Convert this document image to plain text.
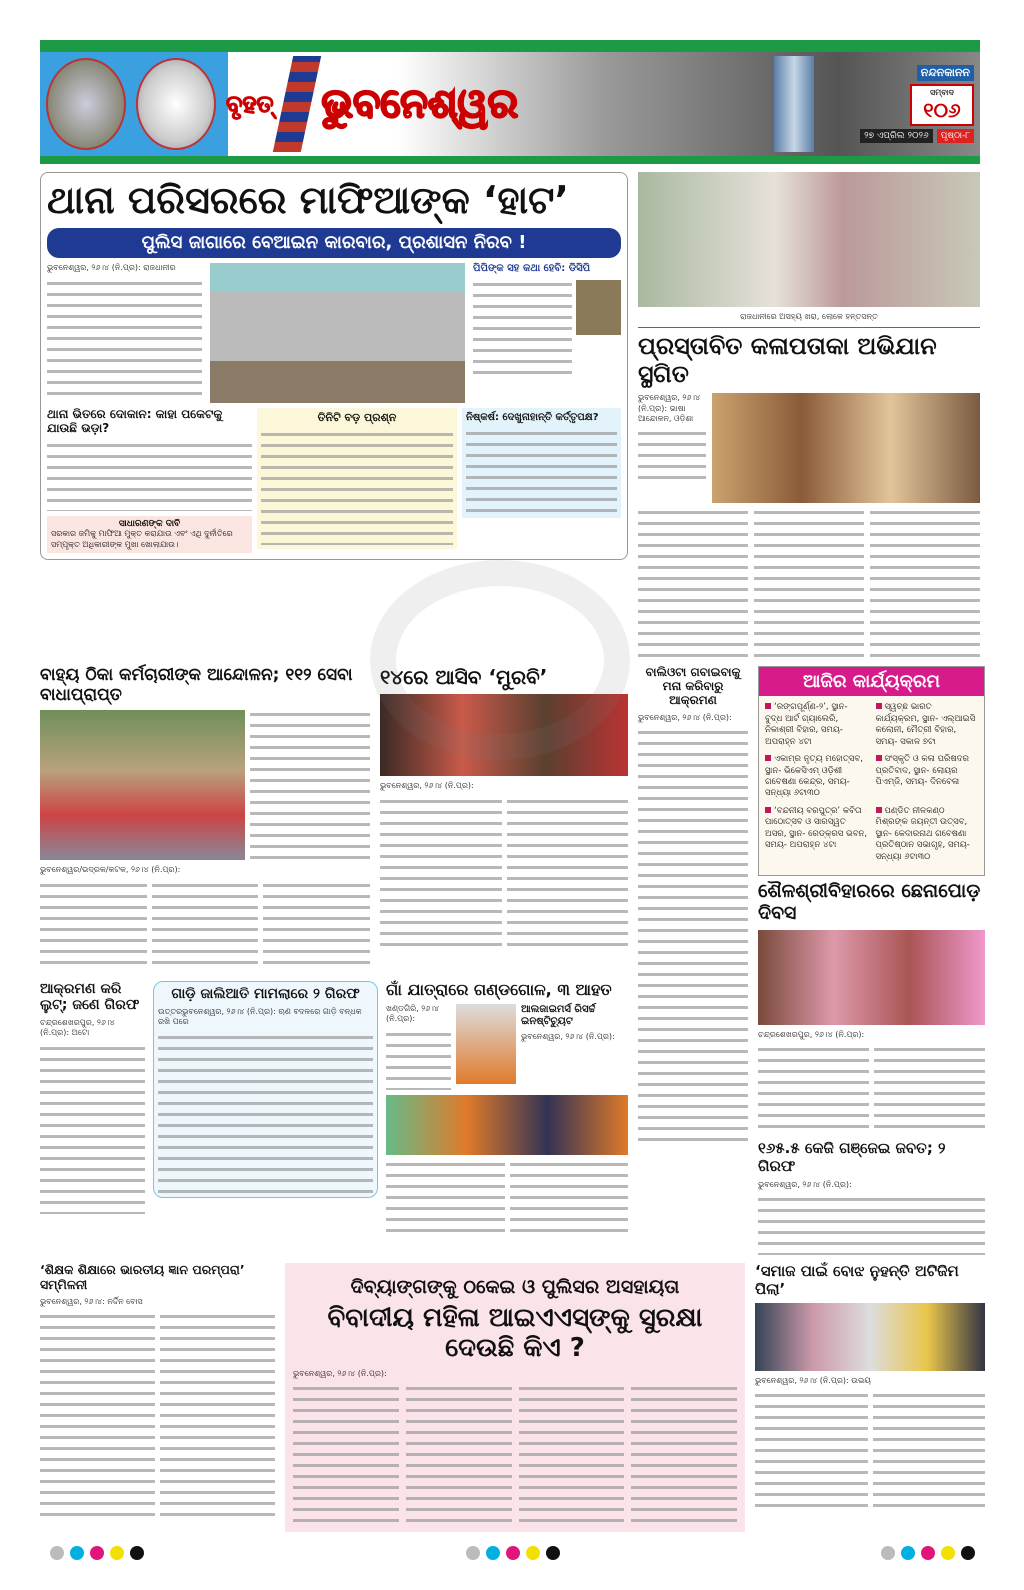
ବୃହତ୍ ଭୁବନେଶ୍ୱର
ନନ୍ଦନକାନନ
ସମ୍ବାଦ
୧୦୬
୨୭ ଏପ୍ରିଲ ୨୦୨୬	ପୃଷ୍ଠା-୮
ଥାନା ପରିସରରେ ମାଫିଆଙ୍କ ‘ହାଟ’
ପୁଲିସ ଜାଗାରେ ବେଆଇନ କାରବାର, ପ୍ରଶାସନ ନିରବ !
ଭୁବନେଶ୍ୱର, ୨୬।୪ (ନି.ପ୍ର): ରାଜଧାନୀର	ପିପିଙ୍କ ସହ କଥା ହେବି: ଡିସିପି
ଥାନା ଭିତରେ ଦୋକାନ: କାହା ପକେଟକୁ ଯାଉଛି ଭଡ଼ା?
ସାଧାରଣଙ୍କ ଦାବି
ସରକାର ଜମିକୁ ମାଫିଆ ମୁକ୍ତ କରାଯାଉ ଏବଂ ଏଥି ଦୁର୍ନୀତିରେ ସମ୍ପୃକ୍ତ ଅଧିକାରୀଙ୍କ ମୁଖା ଖୋଲାଯାଉ।
ତିନିଟି ବଡ଼ ପ୍ରଶ୍ନ	ନିଷ୍କର୍ଷ: ଦେଖୁନାହାନ୍ତି କର୍ତ୍ତୃପକ୍ଷ?
ରାଜଧାନୀରେ ଅସହ୍ୟ ଖରା, ଲୋକେ ହନ୍ତସନ୍ତ
ପ୍ରସ୍ତାବିତ କଳାପତାକା ଅଭିଯାନ ସ୍ଥଗିତ
ଭୁବନେଶ୍ୱର, ୨୬।୪ (ନି.ପ୍ର): ଭାଷା ଆନ୍ଦୋଳନ, ଓଡ଼ିଶା
ବାହ୍ୟ ଠିକା କର୍ମଚାରୀଙ୍କ ଆନ୍ଦୋଳନ; ୧୧୨ ସେବା ବାଧାପ୍ରାପ୍ତ
ଭୁବନେଶ୍ୱର/ଭଦ୍ରକ/କଟକ, ୨୬।୪ (ନି.ପ୍ର):
୧୪ରେ ଆସିବ ‘ମୁରବି’
ଭୁବନେଶ୍ୱର, ୨୬।୪ (ନି.ପ୍ର):
ଆକ୍ରମଣ କରି ଲୁଟ୍; ଜଣେ ଗିରଫ
ଚନ୍ଦ୍ରଶେଖରପୁର, ୨୬।୪ (ନି.ପ୍ର): ଅଟୋ
ଗାଡ଼ି ଜାଲିଆତି ମାମଲାରେ ୨ ଗିରଫ
ଉତ୍ତରଭୁବନେଶ୍ୱର, ୨୬।୪ (ନି.ପ୍ର): ଋଣ ବଦଳରେ ଗାଡ଼ି ବନ୍ଧକ ରଖି ପରେ
ଗାଁ ଯାତ୍ରାରେ ଗଣ୍ଡଗୋଳ, ୩ ଆହତ
ଖଣ୍ଡଗିରି, ୨୬।୪ (ନି.ପ୍ର):
ଆଲଜାଇମର୍ସ ରିସର୍ଚ୍ଚ ଇନଷ୍ଟିଚ୍ୟୁଟ
ଭୁବନେଶ୍ୱର, ୨୬।୪ (ନି.ପ୍ର):
ବାଲିଓଟା ଗବାଇବାକୁ ମନା କରିବାରୁ ଆକ୍ରମଣ
ଭୁବନେଶ୍ୱର, ୨୬।୪ (ନି.ପ୍ର):
ଆଜିର କାର୍ଯ୍ୟକ୍ରମ
‘ରଙ୍ଗପୂର୍ଣ୍ଣ-୨’, ସ୍ଥାନ- ବୁଦ୍ଧ ଆର୍ଟ ଗ୍ୟାଲେରି, ନିକାଶ୍ରୀ ବିହାର, ସମୟ- ଅପରାହ୍ନ ୪ଟା
ସ୍ୱଚ୍ଛ ଭାରତ କାର୍ଯ୍ୟକ୍ରମ, ସ୍ଥାନ- ଏଲ୍ଆଇସି କଲୋନୀ, ମୈତ୍ରୀ ବିହାର, ସମୟ- ସକାଳ ୭ଟା
ଏକାମ୍ର ନୃତ୍ୟ ମହୋତ୍ସବ, ସ୍ଥାନ- ଭିକେସିଏମ୍ ଓଡ଼ିଶୀ ଗବେଷଣା କେନ୍ଦ୍ର, ସମୟ- ସନ୍ଧ୍ୟା ୬ଟା୩୦
ସଂସ୍କୃତି ଓ କଳା ପରିଷଦର ପ୍ରତିବାଦ, ସ୍ଥାନ- ଲୋୟର ପିଏମ୍ଜି, ସମୟ- ଦିନବେଳା
‘ବନ୍ଦନୀୟ ବରପୁତ୍ର’ କବିତା ପାଠୋତ୍ସବ ଓ ସାରସ୍ୱତ ଅସର, ସ୍ଥାନ- ରେଡ୍‌କ୍ରସ ଭବନ, ସମୟ- ଅପରାହ୍ନ ୪ଟା
ପଣ୍ଡିତ ନୀଳକଣ୍ଠ ମିଶ୍ରଙ୍କ ଜୟନ୍ତୀ ଉତ୍ସବ, ସ୍ଥାନ- କେଦାରନାଥ ଗବେଷଣା ପ୍ରତିଷ୍ଠାନ ସଭାଗୃହ, ସମୟ- ସନ୍ଧ୍ୟା ୬ଟା୩୦
ଶୈଳଶ୍ରୀବିହାରରେ ଛେନାପୋଡ଼ ଦିବସ
ଚନ୍ଦ୍ରଶେଖରପୁର, ୨୬।୪ (ନି.ପ୍ର):
୧୬୫.୫ କେଜି ଗଞ୍ଜେଇ ଜବତ; ୨ ଗିରଫ
ଭୁବନେଶ୍ୱର, ୨୬।୪ (ନି.ପ୍ର):
‘ଶିକ୍ଷକ ଶିକ୍ଷାରେ ଭାରତୀୟ ଜ୍ଞାନ ପରମ୍ପରା’ ସମ୍ମିଳନୀ
ଭୁବନେଶ୍ୱର, ୨୬।୪: ନର୍ଦ୍ଦିନ ବୋସ
ଦିବ୍ୟାଙ୍ଗଙ୍କୁ ଠକେଇ ଓ ପୁଲିସର ଅସହାୟତା
ବିବାଦୀୟ ମହିଳା ଆଇଏଏସ୍‌ଙ୍କୁ ସୁରକ୍ଷା ଦେଉଛି କିଏ ?
ଭୁବନେଶ୍ୱର, ୨୬।୪ (ନି.ପ୍ର):
‘ସମାଜ ପାଇଁ ବୋଝ ନୁହନ୍ତି ଅଟିଜିମ ପିଲା’
ଭୁବନେଶ୍ୱର, ୨୬।୪ (ନି.ପ୍ର): ଉଭୟ
